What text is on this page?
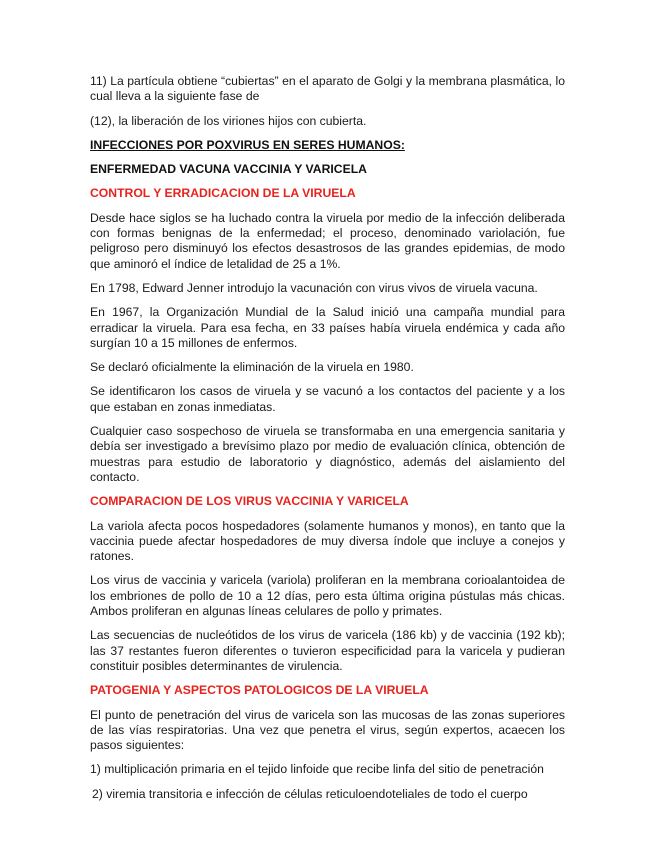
11) La partícula obtiene “cubiertas” en el aparato de Golgi y la membrana plasmática, lo cual lleva a la siguiente fase de

(12), la liberación de los viriones hijos con cubierta.

INFECCIONES POR POXVIRUS EN SERES HUMANOS:
ENFERMEDAD VACUNA VACCINIA Y VARICELA
CONTROL Y ERRADICACION DE LA VIRUELA

Desde hace siglos se ha luchado contra la viruela por medio de la infección deliberada con formas benignas de la enfermedad; el proceso, denominado variolación, fue peligroso pero disminuyó los efectos desastrosos de las grandes epidemias, de modo que aminoró el índice de letalidad de 25 a 1%.

En 1798, Edward Jenner introdujo la vacunación con virus vivos de viruela vacuna.

En 1967, la Organización Mundial de la Salud inició una campaña mundial para erradicar la viruela. Para esa fecha, en 33 países había viruela endémica y cada año surgían 10 a 15 millones de enfermos.

Se declaró oficialmente la eliminación de la viruela en 1980.

Se identificaron los casos de viruela y se vacunó a los contactos del paciente y a los que estaban en zonas inmediatas.

Cualquier caso sospechoso de viruela se transformaba en una emergencia sanitaria y debía ser investigado a brevísimo plazo por medio de evaluación clínica, obtención de muestras para estudio de laboratorio y diagnóstico, además del aislamiento del contacto.

COMPARACION DE LOS VIRUS VACCINIA Y VARICELA

La variola afecta pocos hospedadores (solamente humanos y monos), en tanto que la vaccinia puede afectar hospedadores de muy diversa índole que incluye a conejos y ratones.

Los virus de vaccinia y varicela (variola) proliferan en la membrana corioalantoidea de los embriones de pollo de 10 a 12 días, pero esta última origina pústulas más chicas. Ambos proliferan en algunas líneas celulares de pollo y primates.

Las secuencias de nucleótidos de los virus de varicela (186 kb) y de vaccinia (192 kb); las 37 restantes fueron diferentes o tuvieron especificidad para la varicela y pudieran constituir posibles determinantes de virulencia.

PATOGENIA Y ASPECTOS PATOLOGICOS DE LA VIRUELA

El punto de penetración del virus de varicela son las mucosas de las zonas superiores de las vías respiratorias. Una vez que penetra el virus, según expertos, acaecen los pasos siguientes:

1) multiplicación primaria en el tejido linfoide que recibe linfa del sitio de penetración

2) viremia transitoria e infección de células reticuloendoteliales de todo el cuerpo
